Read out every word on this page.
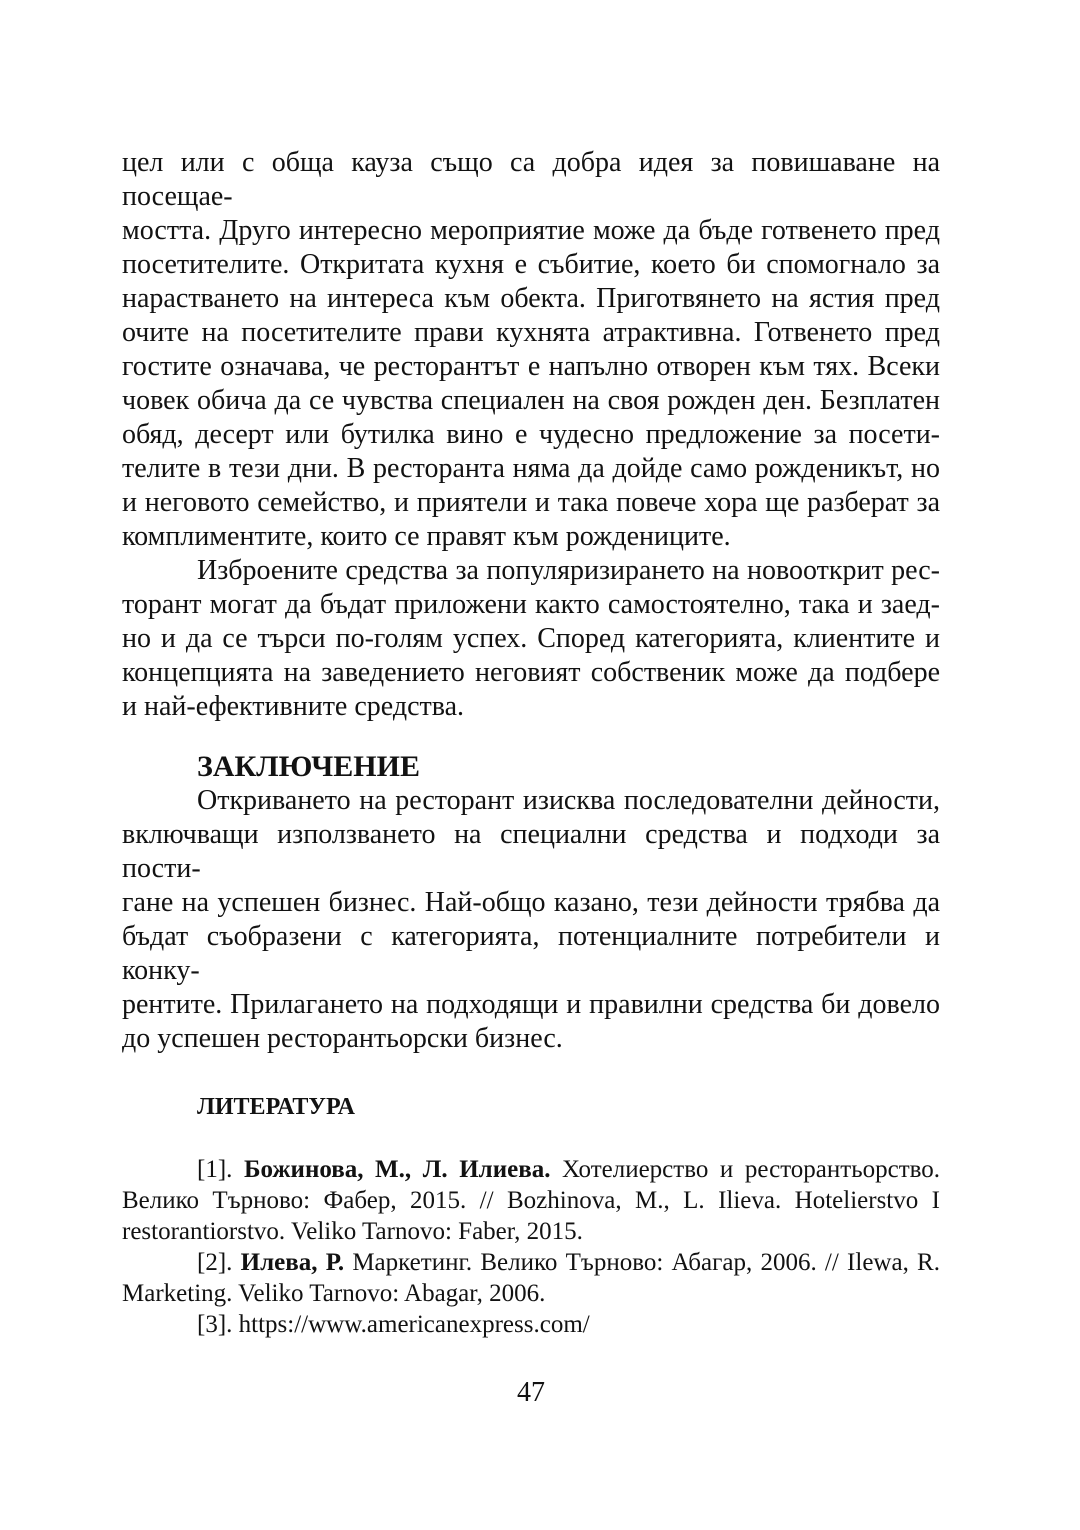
цел или с обща кауза също са добра идея за повишаване на посещае-
мостта. Друго интересно мероприятие може да бъде готвенето пред
посетителите. Откритата кухня е събитие, което би спомогнало за
нарастването на интереса към обекта. Приготвянето на ястия пред
очите на посетителите прави кухнята атрактивна. Готвенето пред
гостите означава, че ресторантът е напълно отворен към тях. Всеки
човек обича да се чувства специален на своя рожден ден. Безплатен
обяд, десерт или бутилка вино е чудесно предложение за посети-
телите в тези дни. В ресторанта няма да дойде само рожденикът, но
и неговото семейство, и приятели и така повече хора ще разберат за
комплиментите, които се правят към рождениците.
Изброените средства за популяризирането на новооткрит рес-
торант могат да бъдат приложени както самостоятелно, така и заед-
но и да се търси по-голям успех. Според категорията, клиентите и
концепцията на заведението неговият собственик може да подбере
и най-ефективните средства.
ЗАКЛЮЧЕНИЕ
Откриването на ресторант изисква последователни дейности,
включващи използването на специални средства и подходи за пости-
гане на успешен бизнес. Най-общо казано, тези дейности трябва да
бъдат съобразени с категорията, потенциалните потребители и конку-
рентите. Прилагането на подходящи и правилни средства би довело
до успешен ресторантьорски бизнес.
ЛИТЕРАТУРА
[1]. Божинова, М., Л. Илиева. Хотелиерство и ресторантьорство.
Велико Търново: Фабер, 2015. // Bozhinova, M., L. Ilieva. Hotelierstvo I
restorantiorstvo. Veliko Tarnovo: Faber, 2015.
[2]. Илева, Р. Маркетинг. Велико Търново: Абагар, 2006. // Ilewa, R.
Marketing. Veliko Tarnovo: Abagar, 2006.
[3]. https://www.americanexpress.com/
47
